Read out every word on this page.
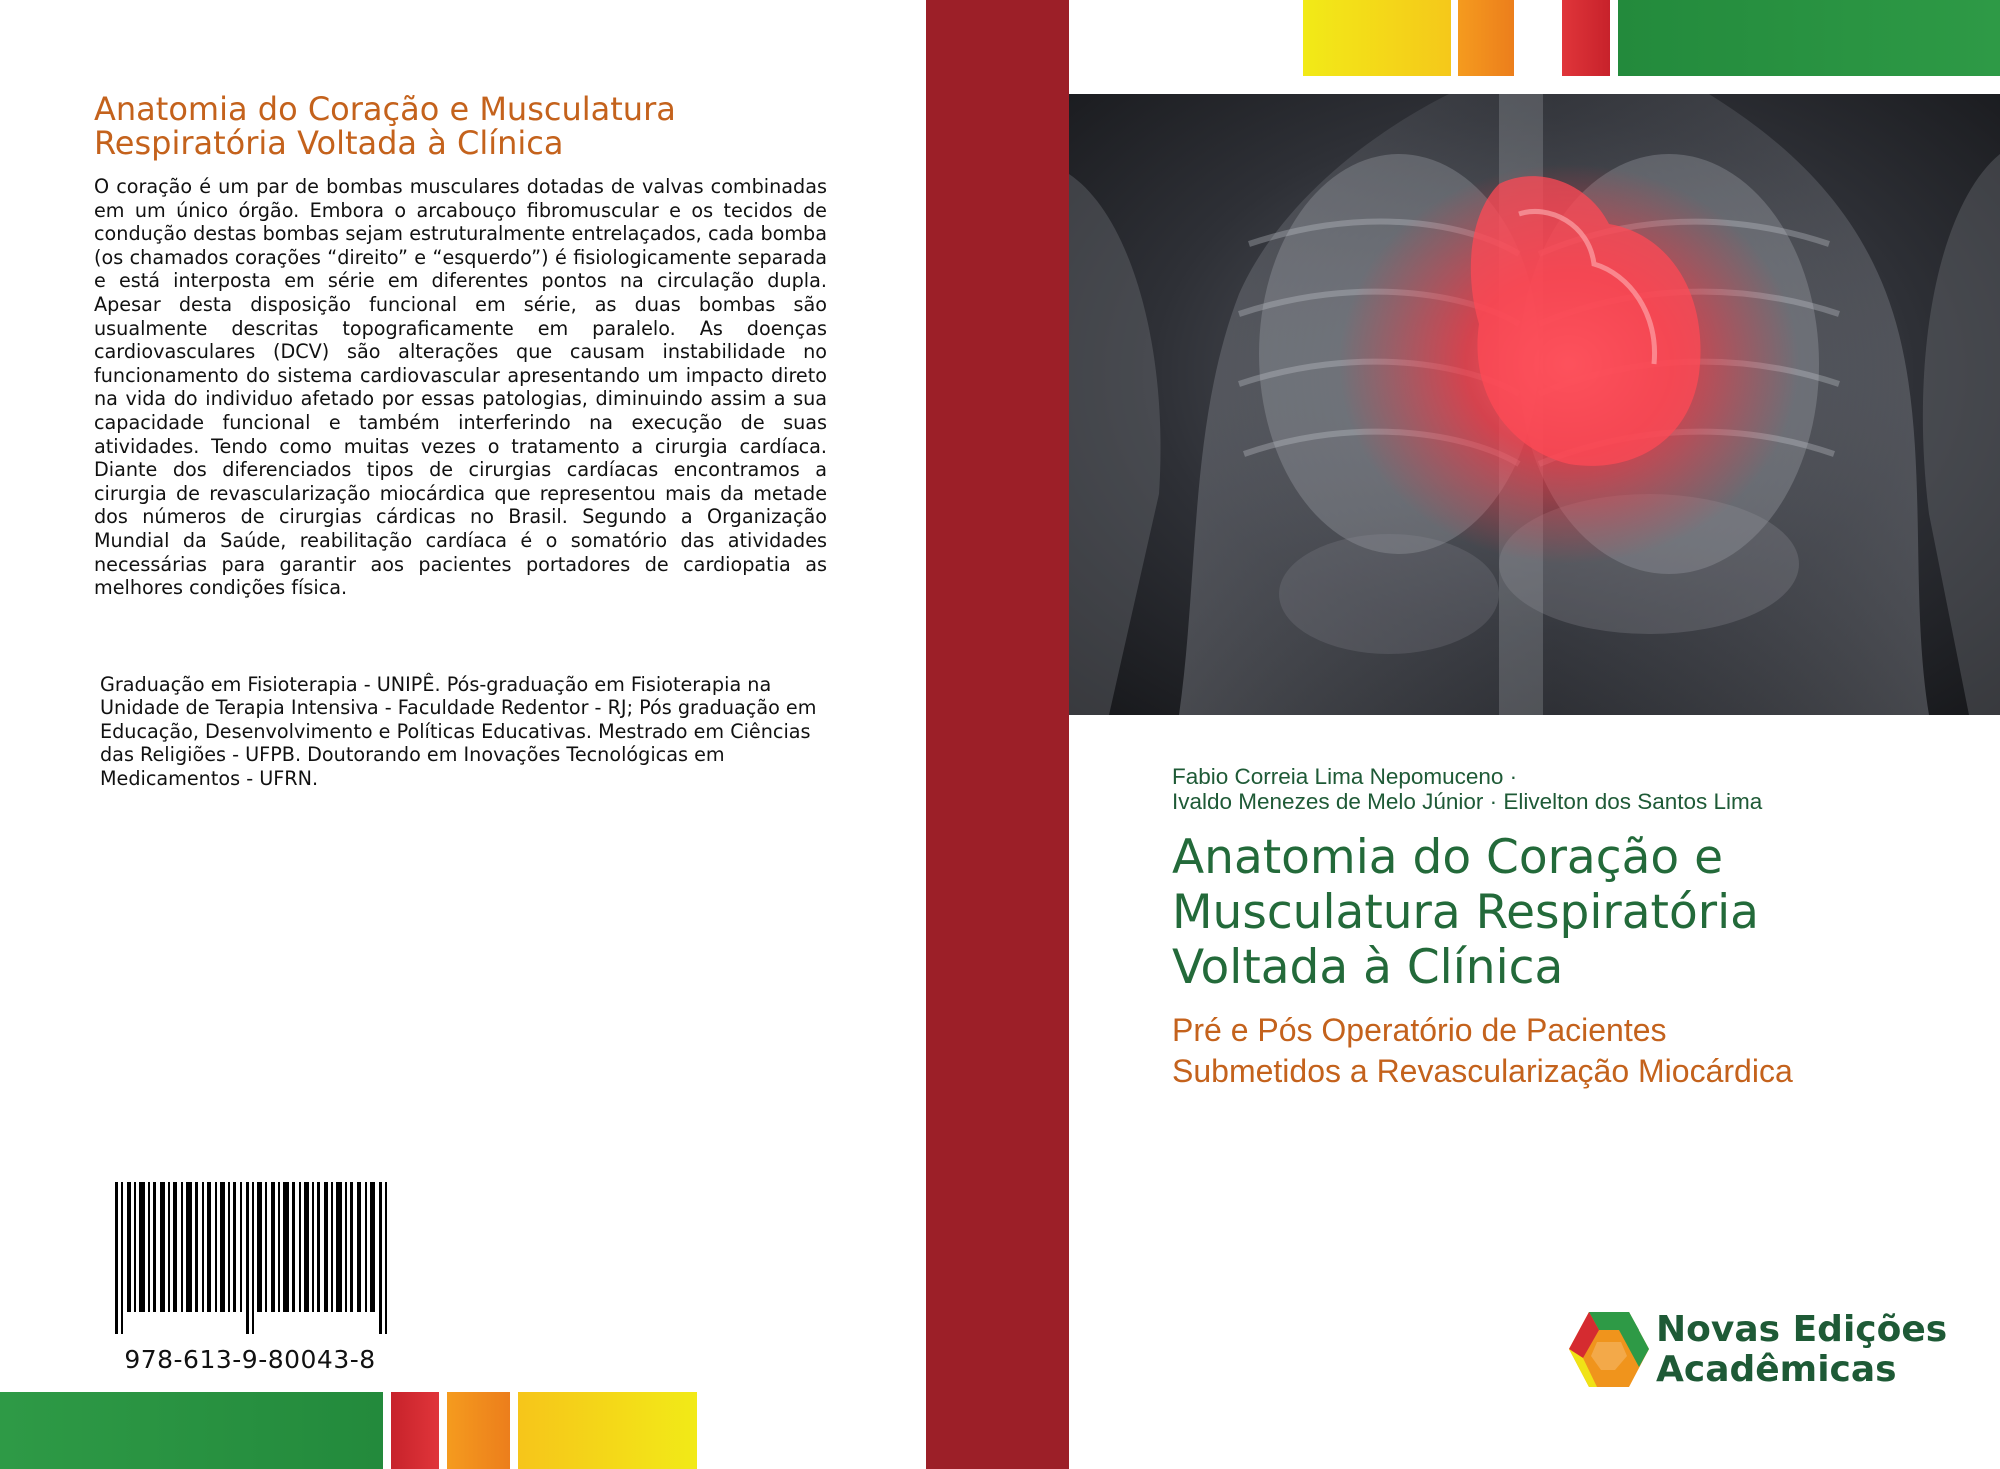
Anatomia do Coração e Musculatura
Respiratória Voltada à Clínica
O coração é um par de bombas musculares dotadas de valvas combinadas em um único órgão. Embora o arcabouço fibromuscular e os tecidos de condução destas bombas sejam estruturalmente entrelaçados, cada bomba (os chamados corações “direito” e “esquerdo”) é fisiologicamente separada e está interposta em série em diferentes pontos na circulação dupla. Apesar desta disposição funcional em série, as duas bombas são usualmente descritas topograficamente em paralelo. As doenças cardiovasculares (DCV) são alterações que causam instabilidade no funcionamento do sistema cardiovascular apresentando um impacto direto na vida do individuo afetado por essas patologias, diminuindo assim a sua capacidade funcional e também interferindo na execução de suas atividades. Tendo como muitas vezes o tratamento a cirurgia cardíaca. Diante dos diferenciados tipos de cirurgias cardíacas encontramos a cirurgia de revascularização miocárdica que representou mais da metade dos números de cirurgias cárdicas no Brasil. Segundo a Organização Mundial da Saúde, reabilitação cardíaca é o somatório das atividades necessárias para garantir aos pacientes portadores de cardiopatia as melhores condições física.
Graduação em Fisioterapia - UNIPÊ. Pós-graduação em Fisioterapia na Unidade de Terapia Intensiva - Faculdade Redentor - RJ; Pós graduação em Educação, Desenvolvimento e Políticas Educativas. Mestrado em Ciências das Religiões - UFPB. Doutorando em Inovações Tecnológicas em Medicamentos - UFRN.
978-613-9-80043-8
Fabio Correia Lima Nepomuceno ·
Ivaldo Menezes de Melo Júnior · Elivelton dos Santos Lima
Anatomia do Coração e
Musculatura Respiratória
Voltada à Clínica
Pré e Pós Operatório de Pacientes
Submetidos a Revascularização Miocárdica
Novas Edições
Acadêmicas
